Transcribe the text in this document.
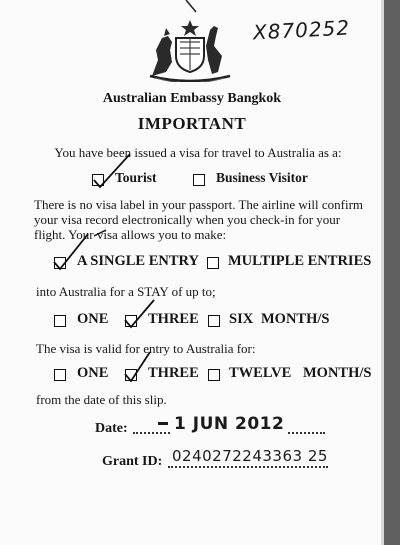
X870252
Australian Embassy Bangkok
IMPORTANT
You have been issued a visa for travel to Australia as a:
Tourist	Business Visitor
There is no visa label in your passport. The airline will confirm
your visa record electronically when you check-in for your
flight. Your visa allows you to make:
A SINGLE ENTRY MULTIPLE ENTRIES
into Australia for a STAY of up to;
ONE	THREE SIX MONTH/S
The visa is valid for entry to Australia for:
ONE	THREE TWELVE MONTH/S
from the date of this slip.
Date:	1 JUN 2012
Grant ID: 0240272243363 25
